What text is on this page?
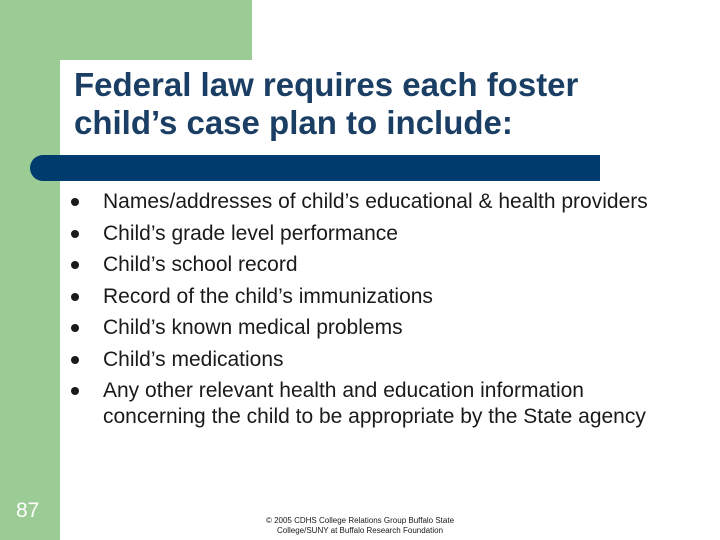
Federal law requires each foster child’s case plan to include:
Names/addresses of child’s educational & health providers
Child’s grade level performance
Child’s school record
Record of the child’s immunizations
Child’s known medical problems
Child’s medications
Any other relevant health and education information concerning the child to be appropriate by the State agency
87	© 2005 CDHS College Relations Group Buffalo State
College/SUNY at Buffalo Research Foundation
